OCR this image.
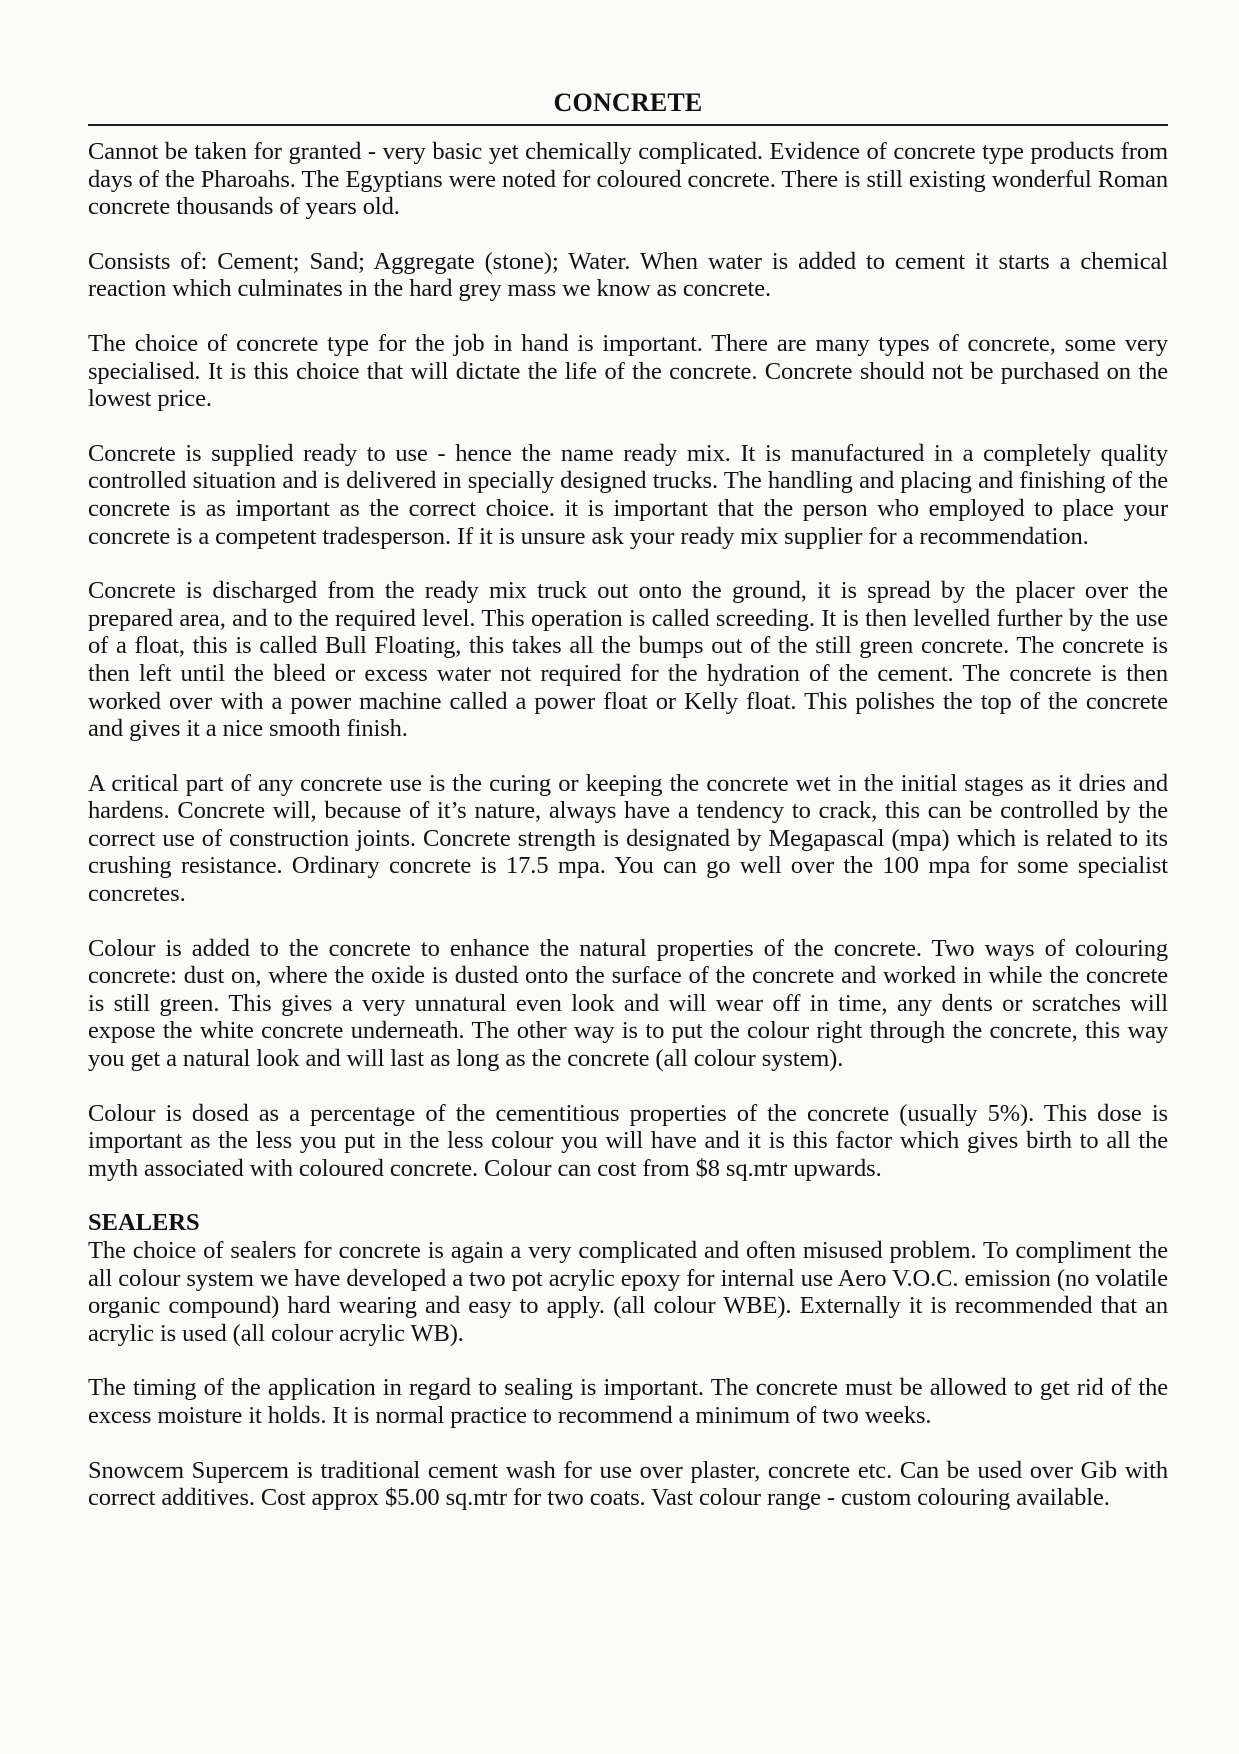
CONCRETE

Cannot be taken for granted - very basic yet chemically complicated. Evidence of concrete type products from days of the Pharoahs. The Egyptians were noted for coloured concrete. There is still existing wonderful Roman concrete thousands of years old.

Consists of: Cement; Sand; Aggregate (stone); Water. When water is added to cement it starts a chemical reaction which culminates in the hard grey mass we know as concrete.

The choice of concrete type for the job in hand is important. There are many types of concrete, some very specialised. It is this choice that will dictate the life of the concrete. Concrete should not be purchased on the lowest price.

Concrete is supplied ready to use - hence the name ready mix. It is manufactured in a completely quality controlled situation and is delivered in specially designed trucks. The handling and placing and finishing of the concrete is as important as the correct choice. it is important that the person who employed to place your concrete is a competent tradesperson. If it is unsure ask your ready mix supplier for a recommendation.

Concrete is discharged from the ready mix truck out onto the ground, it is spread by the placer over the prepared area, and to the required level. This operation is called screeding. It is then levelled further by the use of a float, this is called Bull Floating, this takes all the bumps out of the still green concrete. The concrete is then left until the bleed or excess water not required for the hydration of the cement. The concrete is then worked over with a power machine called a power float or Kelly float. This polishes the top of the concrete and gives it a nice smooth finish.

A critical part of any concrete use is the curing or keeping the concrete wet in the initial stages as it dries and hardens. Concrete will, because of it’s nature, always have a tendency to crack, this can be controlled by the correct use of construction joints. Concrete strength is designated by Megapascal (mpa) which is related to its crushing resistance. Ordinary concrete is 17.5 mpa. You can go well over the 100 mpa for some specialist concretes.

Colour is added to the concrete to enhance the natural properties of the concrete. Two ways of colouring concrete: dust on, where the oxide is dusted onto the surface of the concrete and worked in while the concrete is still green. This gives a very unnatural even look and will wear off in time, any dents or scratches will expose the white concrete underneath. The other way is to put the colour right through the concrete, this way you get a natural look and will last as long as the concrete (all colour system).

Colour is dosed as a percentage of the cementitious properties of the concrete (usually 5%). This dose is important as the less you put in the less colour you will have and it is this factor which gives birth to all the myth associated with coloured concrete. Colour can cost from $8 sq.mtr upwards.

SEALERS

The choice of sealers for concrete is again a very complicated and often misused problem. To compliment the all colour system we have developed a two pot acrylic epoxy for internal use Aero V.O.C. emission (no volatile organic compound) hard wearing and easy to apply. (all colour WBE). Externally it is recommended that an acrylic is used (all colour acrylic WB).

The timing of the application in regard to sealing is important. The concrete must be allowed to get rid of the excess moisture it holds. It is normal practice to recommend a minimum of two weeks.

Snowcem Supercem is traditional cement wash for use over plaster, concrete etc. Can be used over Gib with correct additives. Cost approx $5.00 sq.mtr for two coats. Vast colour range - custom colouring available.
